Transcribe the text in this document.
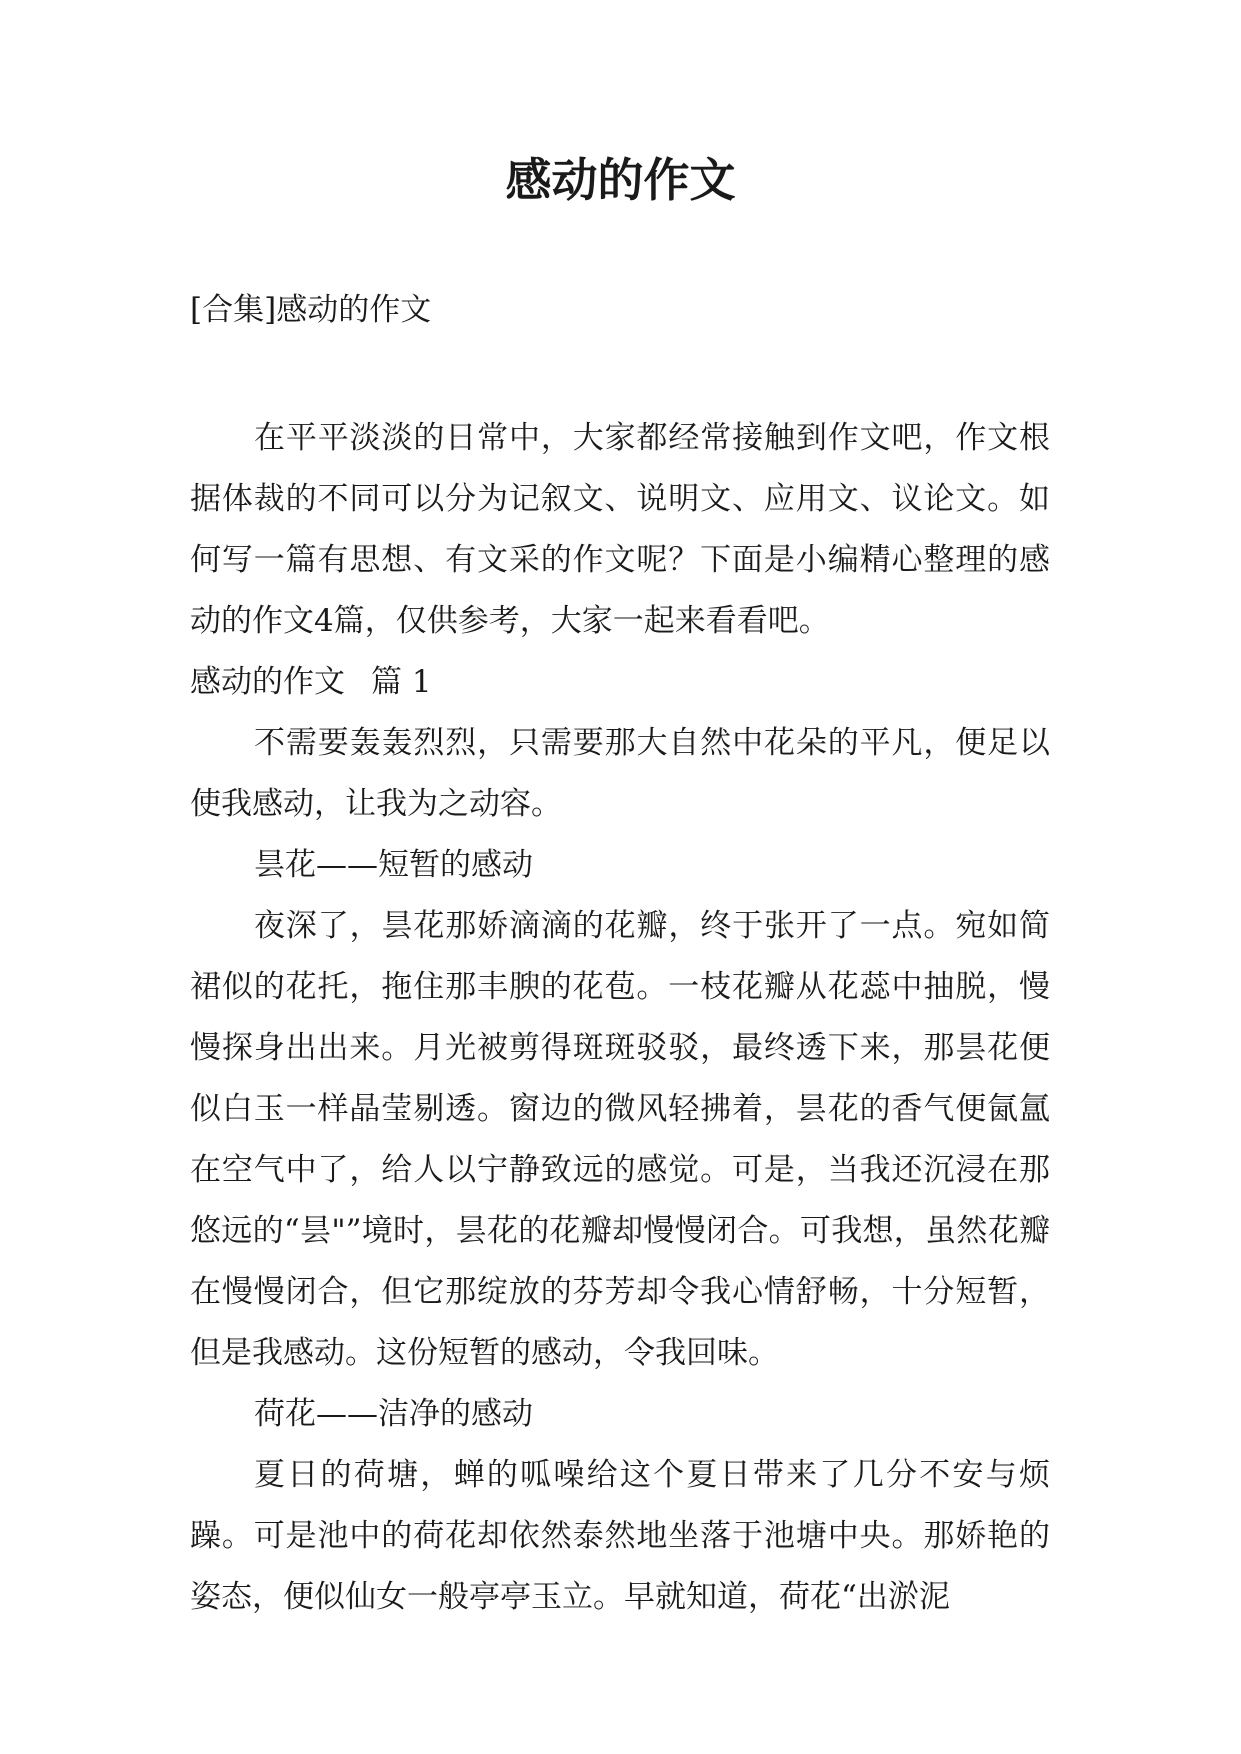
感动的作文

[合集]感动的作文

在平平淡淡的日常中，大家都经常接触到作文吧，作文根据体裁的不同可以分为记叙文、说明文、应用文、议论文。如何写一篇有思想、有文采的作文呢？下面是小编精心整理的感动的作文4篇，仅供参考，大家一起来看看吧。

感动的作文 篇 1

不需要轰轰烈烈，只需要那大自然中花朵的平凡，便足以使我感动，让我为之动容。

昙花——短暂的感动

夜深了，昙花那娇滴滴的花瓣，终于张开了一点。宛如简裙似的花托，拖住那丰腴的花苞。一枝花瓣从花蕊中抽脱，慢慢探身出出来。月光被剪得斑斑驳驳，最终透下来，那昙花便似白玉一样晶莹剔透。窗边的微风轻拂着，昙花的香气便氤氲在空气中了，给人以宁静致远的感觉。可是，当我还沉浸在那悠远的“昙"”境时，昙花的花瓣却慢慢闭合。可我想，虽然花瓣在慢慢闭合，但它那绽放的芬芳却令我心情舒畅，十分短暂，但是我感动。这份短暂的感动，令我回味。

荷花——洁净的感动

夏日的荷塘，蝉的呱噪给这个夏日带来了几分不安与烦躁。可是池中的荷花却依然泰然地坐落于池塘中央。那娇艳的姿态，便似仙女一般亭亭玉立。早就知道，荷花“出淤泥
